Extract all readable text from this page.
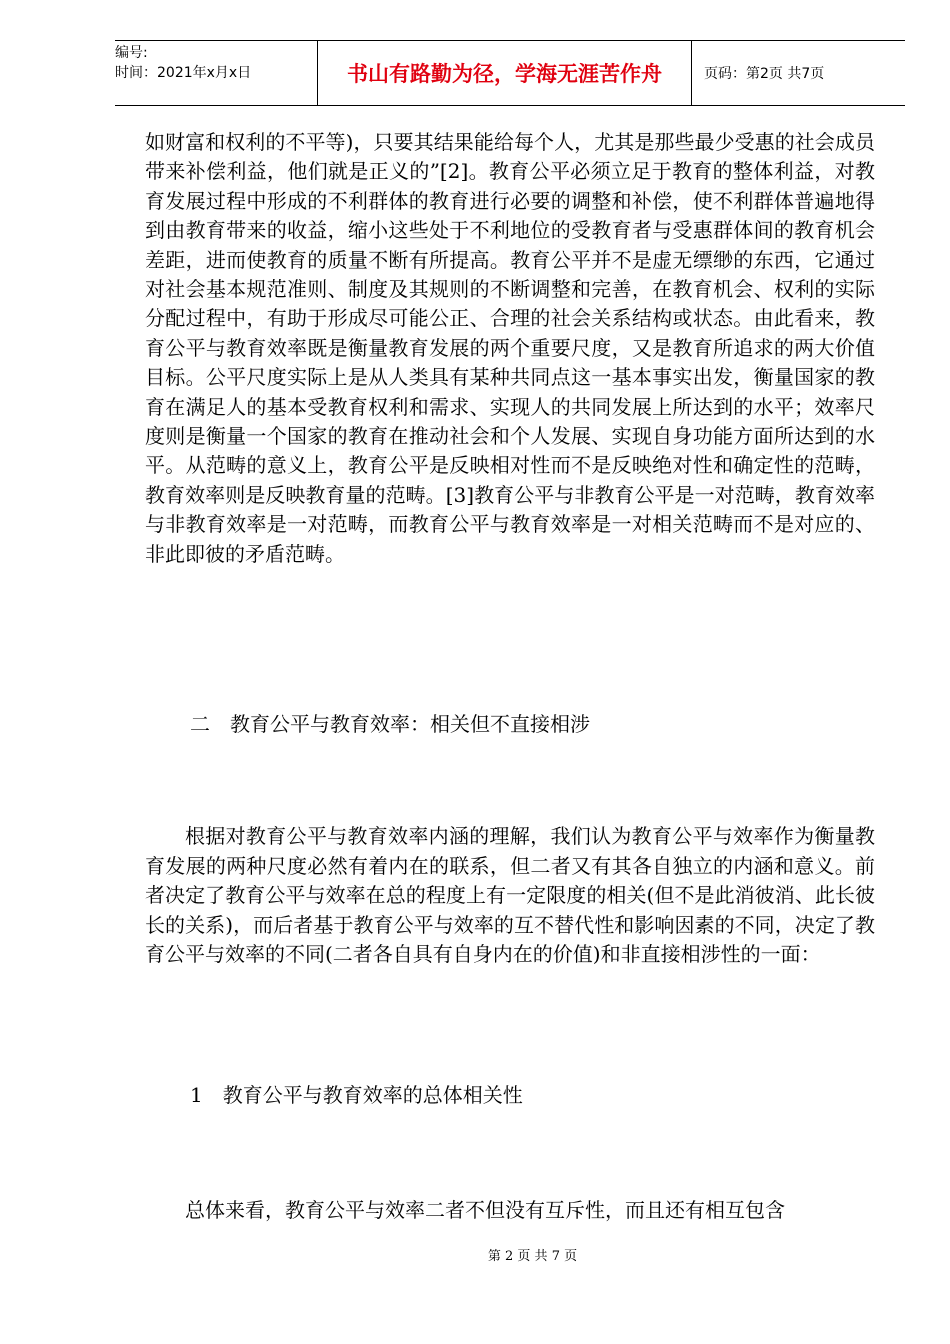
编号:
时间：2021年x月x日	书山有路勤为径，学海无涯苦作舟	页码：第2页 共7页

如财富和权利的不平等)，只要其结果能给每个人，尤其是那些最少受惠的社会成员带来补偿利益，他们就是正义的”[2]。教育公平必须立足于教育的整体利益，对教育发展过程中形成的不利群体的教育进行必要的调整和补偿，使不利群体普遍地得到由教育带来的收益，缩小这些处于不利地位的受教育者与受惠群体间的教育机会差距，进而使教育的质量不断有所提高。教育公平并不是虚无缥缈的东西，它通过对社会基本规范准则、制度及其规则的不断调整和完善，在教育机会、权利的实际分配过程中，有助于形成尽可能公正、合理的社会关系结构或状态。由此看来，教育公平与教育效率既是衡量教育发展的两个重要尺度，又是教育所追求的两大价值目标。公平尺度实际上是从人类具有某种共同点这一基本事实出发，衡量国家的教育在满足人的基本受教育权利和需求、实现人的共同发展上所达到的水平；效率尺度则是衡量一个国家的教育在推动社会和个人发展、实现自身功能方面所达到的水平。从范畴的意义上，教育公平是反映相对性而不是反映绝对性和确定性的范畴，教育效率则是反映教育量的范畴。[3]教育公平与非教育公平是一对范畴，教育效率与非教育效率是一对范畴，而教育公平与教育效率是一对相关范畴而不是对应的、非此即彼的矛盾范畴。

二　教育公平与教育效率：相关但不直接相涉

根据对教育公平与教育效率内涵的理解，我们认为教育公平与效率作为衡量教育发展的两种尺度必然有着内在的联系，但二者又有其各自独立的内涵和意义。前者决定了教育公平与效率在总的程度上有一定限度的相关(但不是此消彼消、此长彼长的关系)，而后者基于教育公平与效率的互不替代性和影响因素的不同，决定了教育公平与效率的不同(二者各自具有自身内在的价值)和非直接相涉性的一面：

1　教育公平与教育效率的总体相关性

总体来看，教育公平与效率二者不但没有互斥性，而且还有相互包含

第 2 页 共 7 页
